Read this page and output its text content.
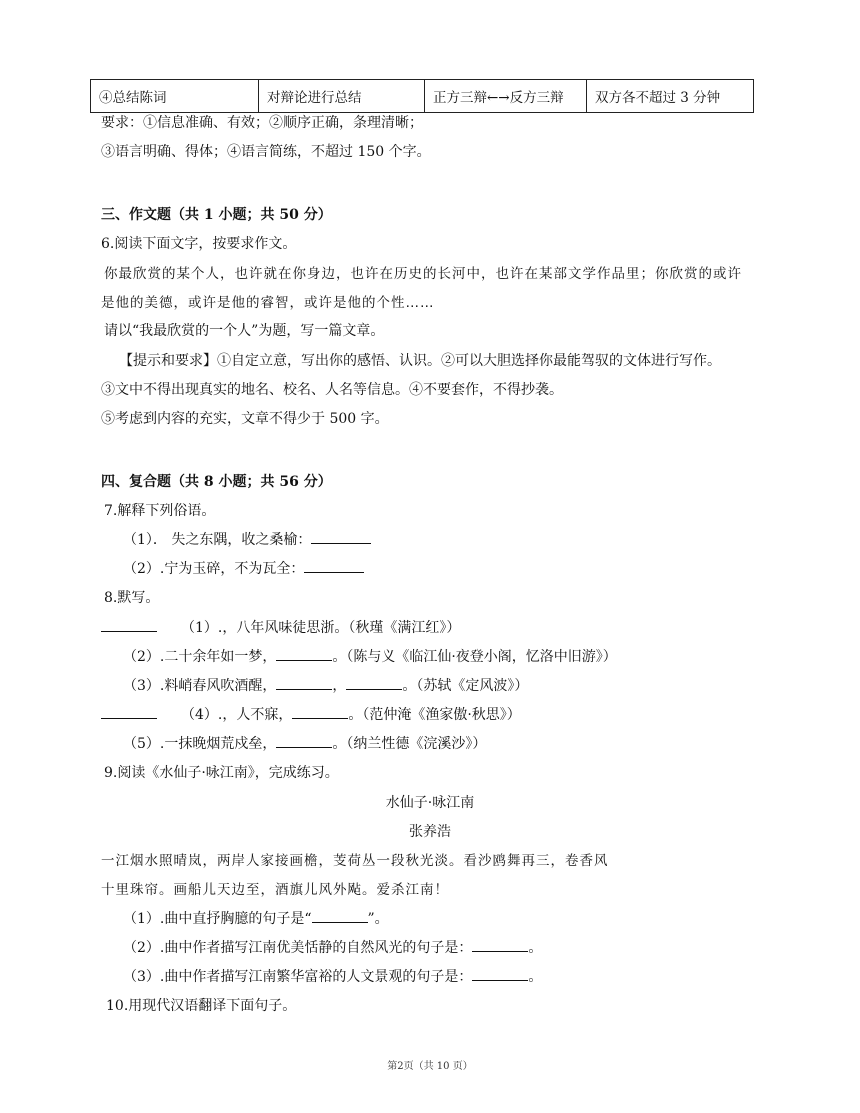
④总结陈词	对辩论进行总结	正方三辩←→反方三辩	双方各不超过 3 分钟
要求：①信息准确、有效；②顺序正确，条理清晰；
③语言明确、得体；④语言简练，不超过 150 个字。
三、作文题（共 1 小题；共 50 分）
6.阅读下面文字，按要求作文。
你最欣赏的某个人，也许就在你身边，也许在历史的长河中，也许在某部文学作品里；你欣赏的或许
是他的美德，或许是他的睿智，或许是他的个性……
请以“我最欣赏的一个人”为题，写一篇文章。
【提示和要求】①自定立意，写出你的感悟、认识。②可以大胆选择你最能驾驭的文体进行写作。
③文中不得出现真实的地名、校名、人名等信息。④不要套作，不得抄袭。
⑤考虑到内容的充实，文章不得少于 500 字。
四、复合题（共 8 小题；共 56 分）
7.解释下列俗语。
（1）． 失之东隅，收之桑榆：
（2）.宁为玉碎，不为瓦全：
8.默写。
（1）.，八年风味徒思浙。（秋瑾《满江红》）
（2）.二十余年如一梦，	。（陈与义《临江仙·夜登小阁，忆洛中旧游》）
（3）.料峭春风吹酒醒，	，	。（苏轼《定风波》）
（4）.，人不寐，	。（范仲淹《渔家傲·秋思》）
（5）.一抹晚烟荒戍垒，	。（纳兰性德《浣溪沙》）
9.阅读《水仙子·咏江南》，完成练习。
水仙子·咏江南
张养浩
一江烟水照晴岚，两岸人家接画檐，芰荷丛一段秋光淡。看沙鸥舞再三，卷香风
十里珠帘。画船儿天边至，酒旗儿风外飐。爱杀江南！
（1）.曲中直抒胸臆的句子是“	”。
（2）.曲中作者描写江南优美恬静的自然风光的句子是：	。
（3）.曲中作者描写江南繁华富裕的人文景观的句子是：	。
10.用现代汉语翻译下面句子。
第2页（共 10 页）
